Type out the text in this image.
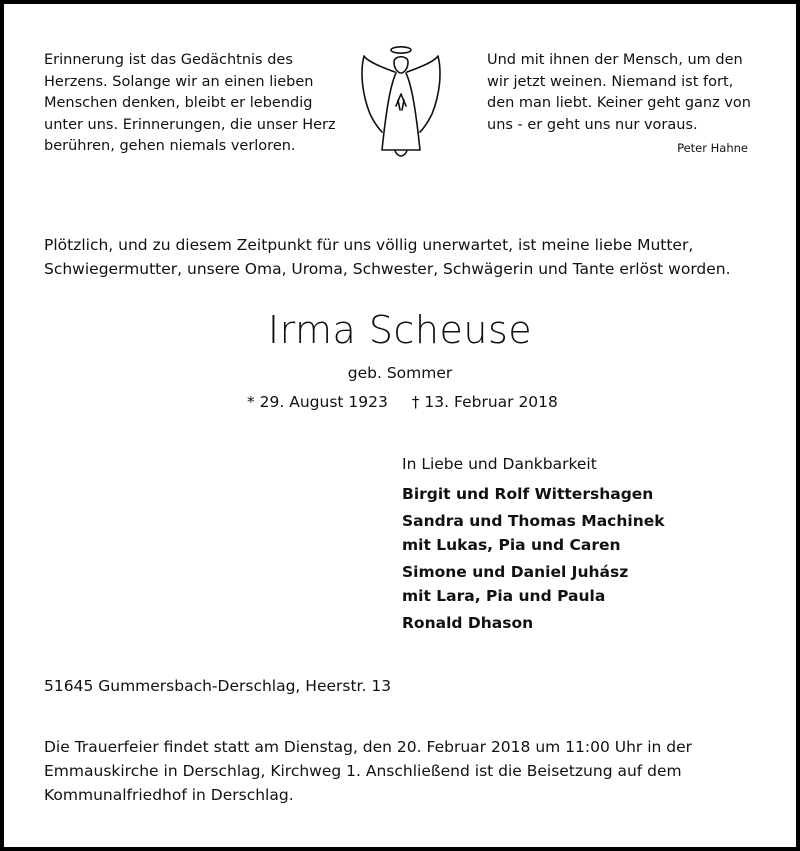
Erinnerung ist das Gedächtnis des
Herzens. Solange wir an einen lieben
Menschen denken, bleibt er lebendig
unter uns. Erinnerungen, die unser Herz
berühren, gehen niemals verloren.
Und mit ihnen der Mensch, um den
wir jetzt weinen. Niemand ist fort,
den man liebt. Keiner geht ganz von
uns - er geht uns nur voraus.
Peter Hahne
Plötzlich, und zu diesem Zeitpunkt für uns völlig unerwartet, ist meine liebe Mutter,
Schwiegermutter, unsere Oma, Uroma, Schwester, Schwägerin und Tante erlöst worden.
Irma Scheuse
geb. Sommer
* 29. August 1923 † 13. Februar 2018
In Liebe und Dankbarkeit
Birgit und Rolf Wittershagen
Sandra und Thomas Machinek
mit Lukas, Pia und Caren
Simone und Daniel Juhász
mit Lara, Pia und Paula
Ronald Dhason
51645 Gummersbach-Derschlag, Heerstr. 13
Die Trauerfeier findet statt am Dienstag, den 20. Februar 2018 um 11:00 Uhr in der
Emmauskirche in Derschlag, Kirchweg 1. Anschließend ist die Beisetzung auf dem
Kommunalfriedhof in Derschlag.
